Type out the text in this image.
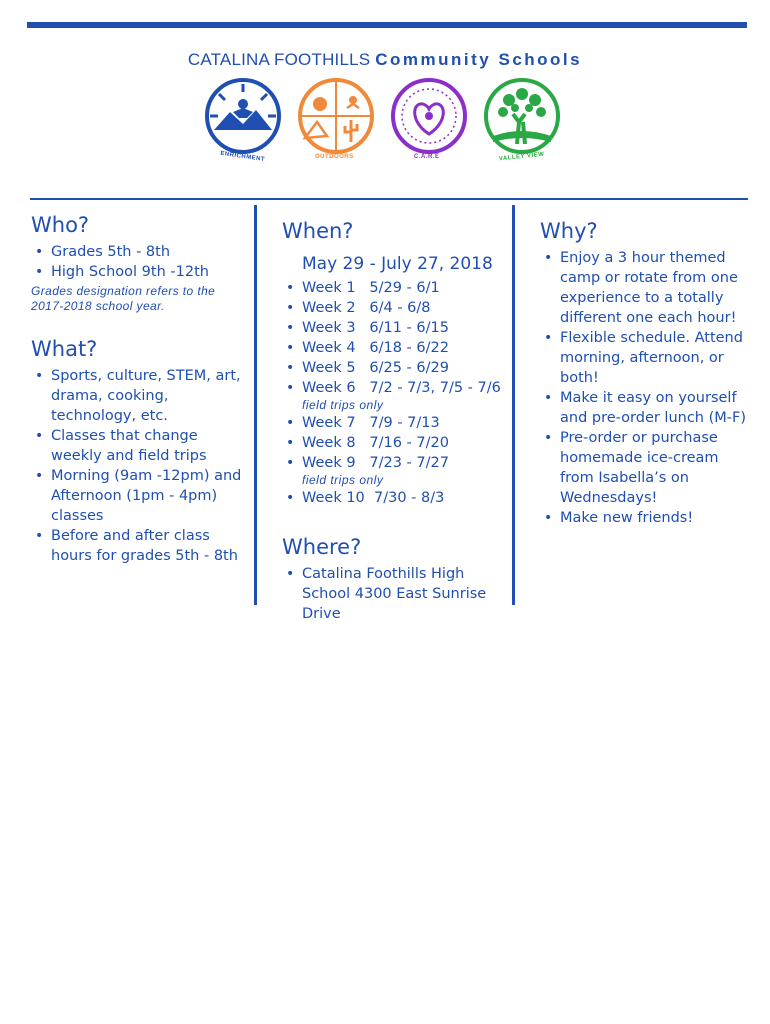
CATALINA FOOTHILLS Community Schools
ENRICHMENT	OUTDOORS	C.A.R.E	VALLEY VIEW
Who?
• Grades 5th - 8th
• High School 9th -12th
Grades designation refers to the 2017-2018 school year.
What?
• Sports, culture, STEM, art, drama, cooking, technology, etc.
• Classes that change weekly and field trips
• Morning (9am -12pm) and Afternoon (1pm - 4pm) classes
• Before and after class hours for grades 5th - 8th
When?
May 29 - July 27, 2018
• Week 1   5/29 - 6/1
• Week 2   6/4 - 6/8
• Week 3   6/11 - 6/15
• Week 4   6/18 - 6/22
• Week 5   6/25 - 6/29
• Week 6   7/2 - 7/3, 7/5 - 7/6
field trips only
• Week 7   7/9 - 7/13
• Week 8   7/16 - 7/20
• Week 9   7/23 - 7/27
field trips only
• Week 10  7/30 - 8/3
Where?
• Catalina Foothills High School 4300 East Sunrise Drive
Why?
• Enjoy a 3 hour themed camp or rotate from one experience to a totally different one each hour!
• Flexible schedule. Attend morning, afternoon, or both!
• Make it easy on yourself and pre-order lunch (M-F)
• Pre-order or purchase homemade ice-cream from Isabella’s on Wednesdays!
• Make new friends!
